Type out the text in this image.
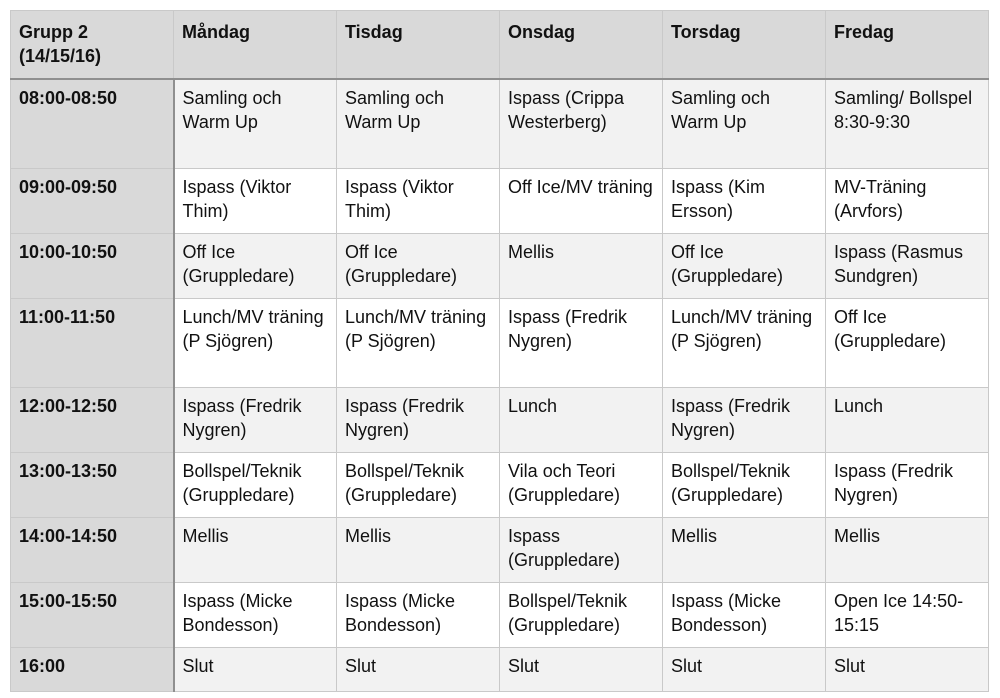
Grupp 2
(14/15/16)	Måndag	Tisdag	Onsdag	Torsdag	Fredag
08:00-08:50	Samling och Warm Up	Samling och Warm Up	Ispass (Crippa Westerberg)	Samling och Warm Up	Samling/ Bollspel 8:30-9:30
09:00-09:50	Ispass (Viktor Thim)	Ispass (Viktor Thim)	Off Ice/MV träning	Ispass (Kim Ersson)	MV-Träning (Arvfors)
10:00-10:50	Off Ice (Gruppledare)	Off Ice (Gruppledare)	Mellis	Off Ice (Gruppledare)	Ispass (Rasmus Sundgren)
11:00-11:50	Lunch/MV träning (P Sjögren)	Lunch/MV träning (P Sjögren)	Ispass (Fredrik Nygren)	Lunch/MV träning (P Sjögren)	Off Ice (Gruppledare)
12:00-12:50	Ispass (Fredrik Nygren)	Ispass (Fredrik Nygren)	Lunch	Ispass (Fredrik Nygren)	Lunch
13:00-13:50	Bollspel/Teknik (Gruppledare)	Bollspel/Teknik (Gruppledare)	Vila och Teori (Gruppledare)	Bollspel/Teknik (Gruppledare)	Ispass (Fredrik Nygren)
14:00-14:50	Mellis	Mellis	Ispass (Gruppledare)	Mellis	Mellis
15:00-15:50	Ispass (Micke Bondesson)	Ispass (Micke Bondesson)	Bollspel/Teknik (Gruppledare)	Ispass (Micke Bondesson)	Open Ice 14:50-15:15
16:00	Slut	Slut	Slut	Slut	Slut
